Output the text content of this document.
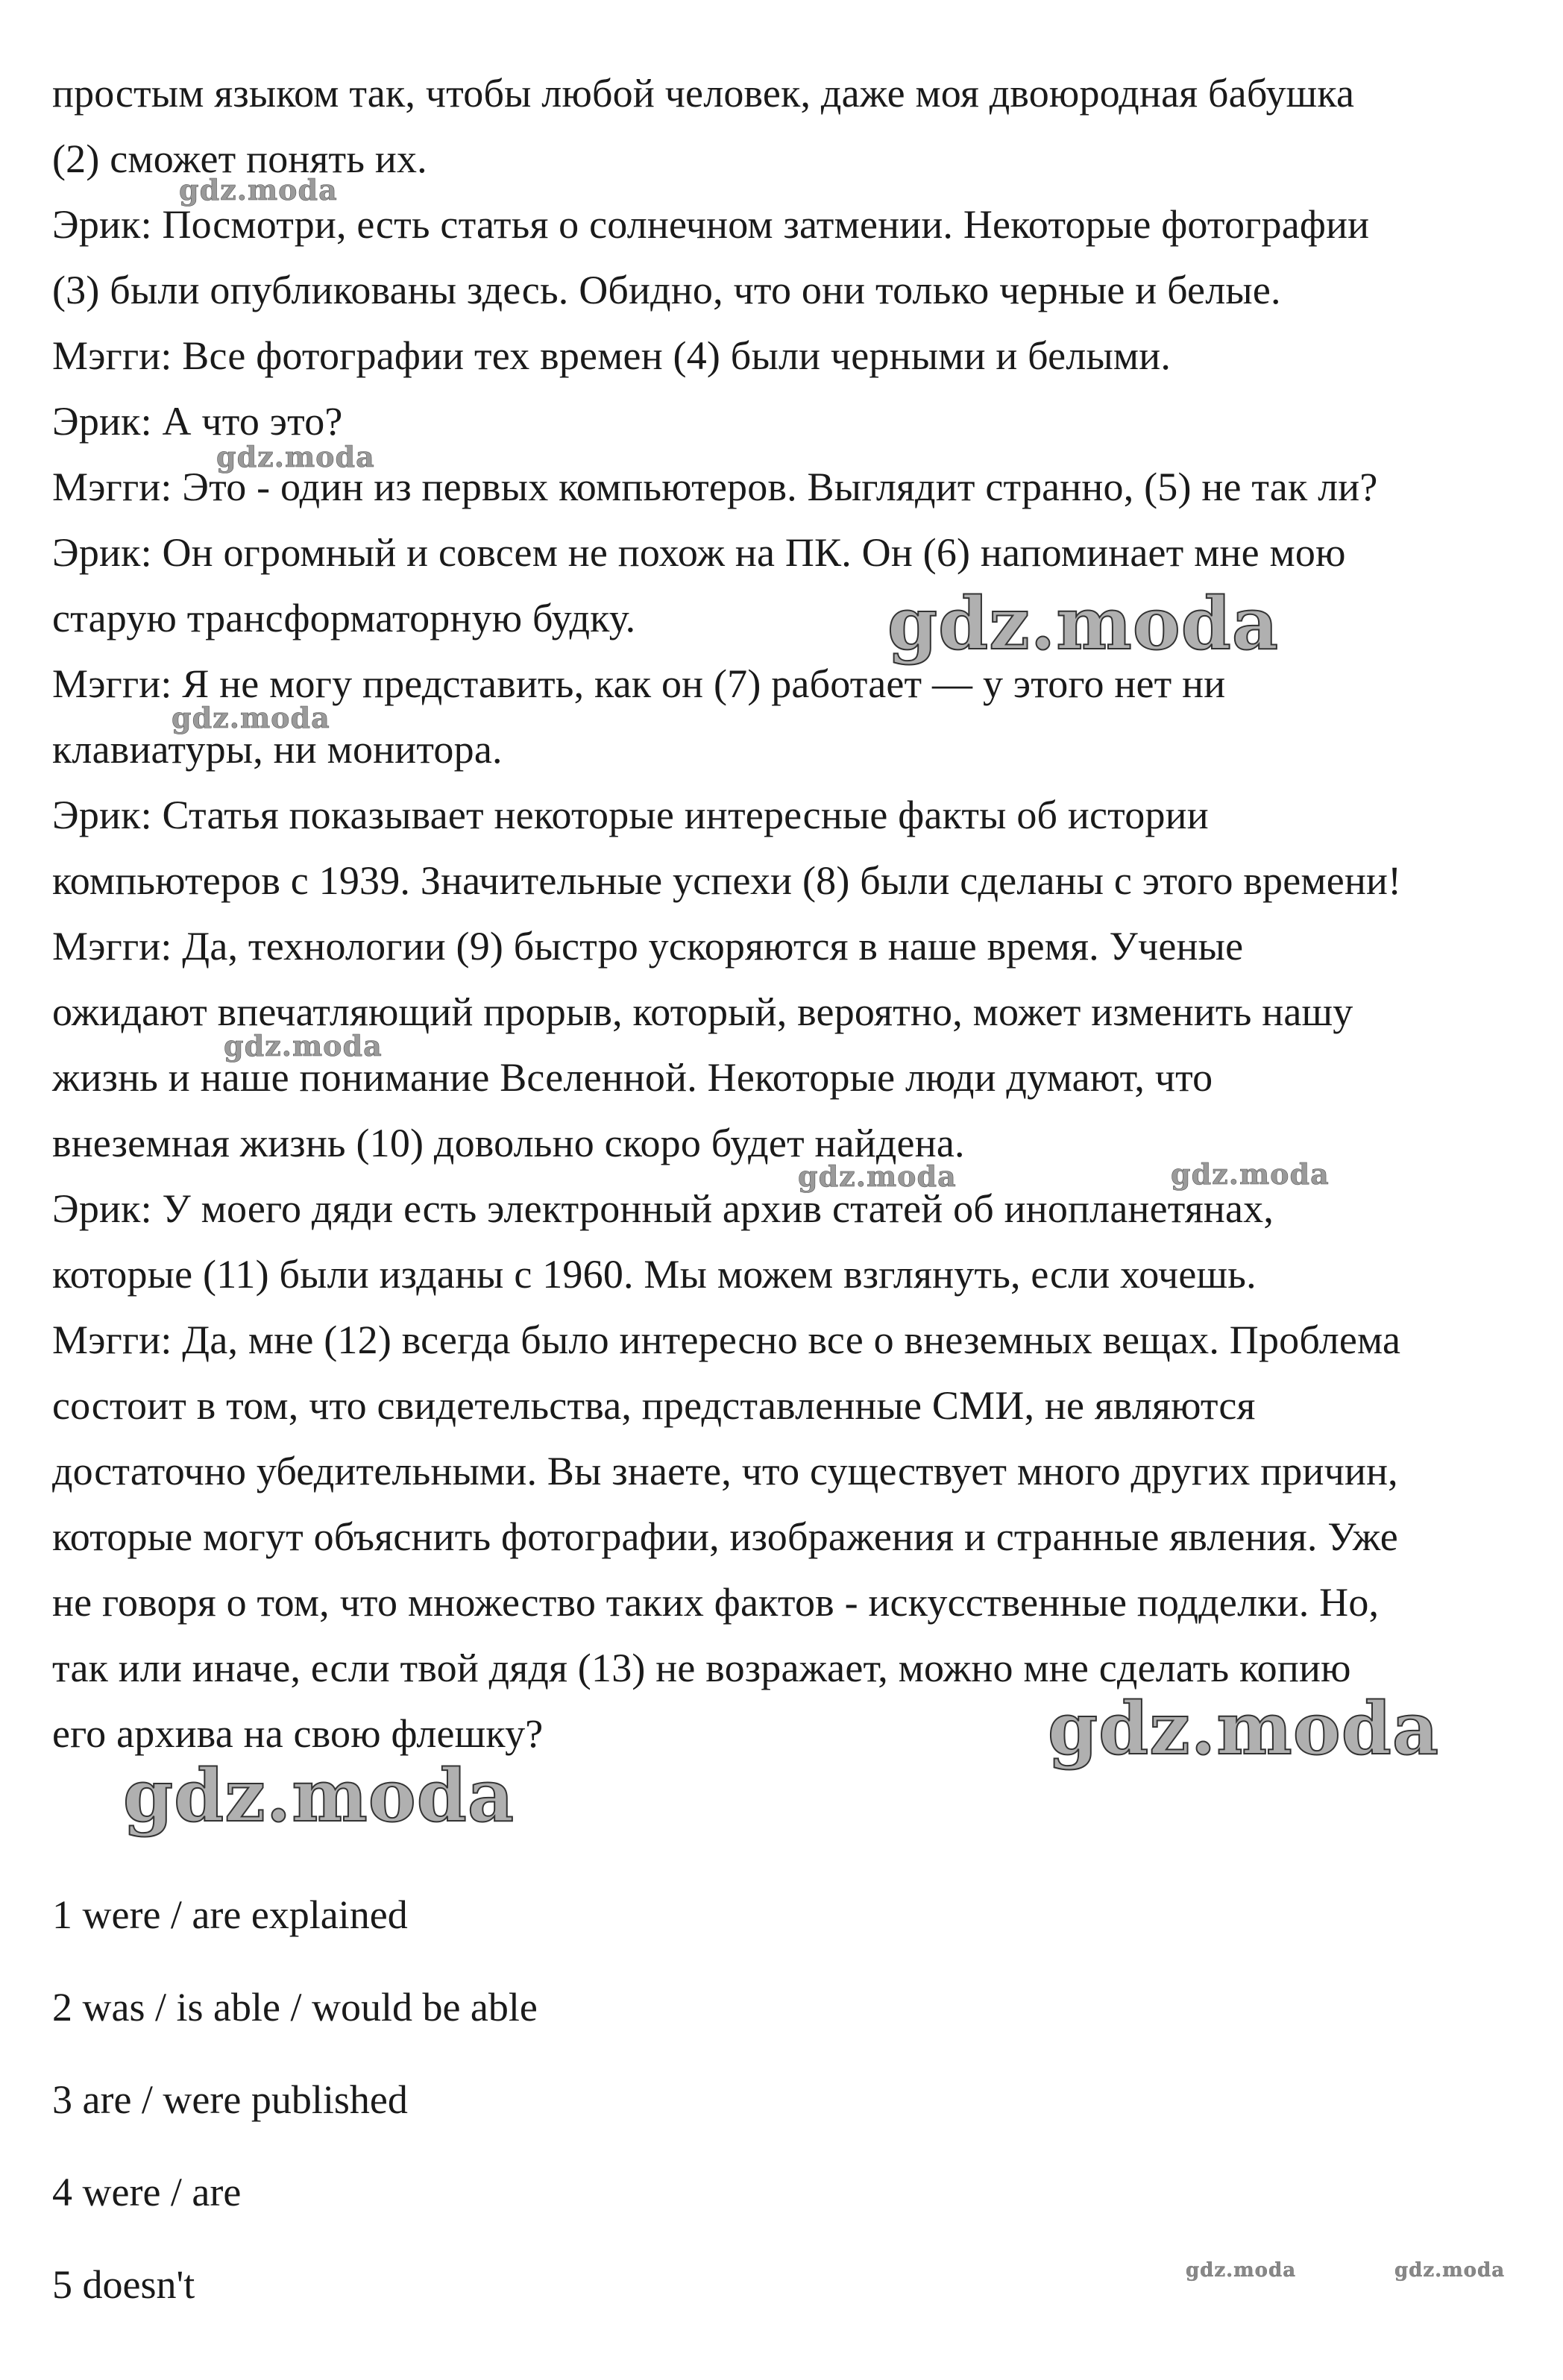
простым языком так, чтобы любой человек, даже моя двоюродная бабушка
(2) сможет понять их.
Эрик: Посмотри, есть статья о солнечном затмении. Некоторые фотографии
(3) были опубликованы здесь. Обидно, что они только черные и белые.
Мэгги: Все фотографии тех времен (4) были черными и белыми.
Эрик: А что это?
Мэгги: Это - один из первых компьютеров. Выглядит странно, (5) не так ли?
Эрик: Он огромный и совсем не похож на ПК. Он (6) напоминает мне мою
старую трансформаторную будку.
Мэгги: Я не могу представить, как он (7) работает — у этого нет ни
клавиатуры, ни монитора.
Эрик: Статья показывает некоторые интересные факты об истории
компьютеров с 1939. Значительные успехи (8) были сделаны с этого времени!
Мэгги: Да, технологии (9) быстро ускоряются в наше время. Ученые
ожидают впечатляющий прорыв, который, вероятно, может изменить нашу
жизнь и наше понимание Вселенной. Некоторые люди думают, что
внеземная жизнь (10) довольно скоро будет найдена.
Эрик: У моего дяди есть электронный архив статей об инопланетянах,
которые (11) были изданы с 1960. Мы можем взглянуть, если хочешь.
Мэгги: Да, мне (12) всегда было интересно все о внеземных вещах. Проблема
состоит в том, что свидетельства, представленные СМИ, не являются
достаточно убедительными. Вы знаете, что существует много других причин,
которые могут объяснить фотографии, изображения и странные явления. Уже
не говоря о том, что множество таких фактов - искусственные подделки. Но,
так или иначе, если твой дядя (13) не возражает, можно мне сделать копию
его архива на свою флешку?
1 were / are explained
2 was / is able / would be able
3 are / were published
4 were / are
5 doesn't
gdz.moda
gdz.moda
gdz.moda
gdz.moda
gdz.moda
gdz.moda	gdz.moda
gdz.moda
gdz.moda
gdz.moda	gdz.moda
